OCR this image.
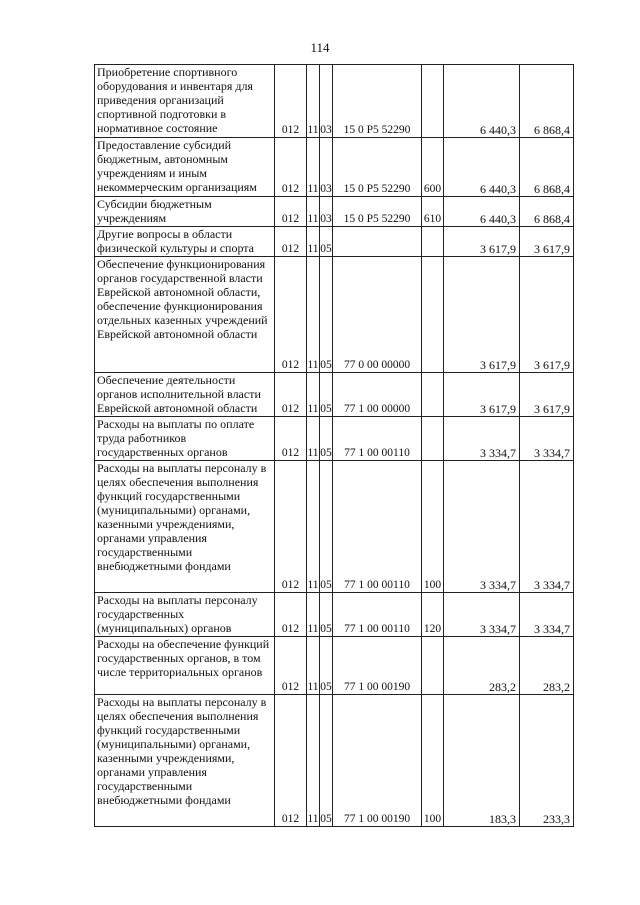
114
Приобретение спортивного оборудования и инвентаря для приведения организаций спортивной подготовки в нормативное состояние	012	11	03	15 0 Р5 52290		6 440,3	6 868,4
Предоставление субсидий бюджетным, автономным учреждениям и иным некоммерческим организациям	012	11	03	15 0 Р5 52290	600	6 440,3	6 868,4
Субсидии бюджетным учреждениям	012	11	03	15 0 Р5 52290	610	6 440,3	6 868,4
Другие вопросы в области физической культуры и спорта	012	11	05			3 617,9	3 617,9
Обеспечение функционирования органов государственной власти Еврейской автономной области, обеспечение функционирования отдельных казенных учреждений Еврейской автономной области	012	11	05	77 0 00 00000		3 617,9	3 617,9
Обеспечение деятельности органов исполнительной власти Еврейской автономной области	012	11	05	77 1 00 00000		3 617,9	3 617,9
Расходы на выплаты по оплате труда работников государственных органов	012	11	05	77 1 00 00110		3 334,7	3 334,7
Расходы на выплаты персоналу в целях обеспечения выполнения функций государственными (муниципальными) органами, казенными учреждениями, органами управления государственными внебюджетными фондами	012	11	05	77 1 00 00110	100	3 334,7	3 334,7
Расходы на выплаты персоналу государственных (муниципальных) органов	012	11	05	77 1 00 00110	120	3 334,7	3 334,7
Расходы на обеспечение функций государственных органов, в том числе территориальных органов	012	11	05	77 1 00 00190		283,2	283,2
Расходы на выплаты персоналу в целях обеспечения выполнения функций государственными (муниципальными) органами, казенными учреждениями, органами управления государственными внебюджетными фондами	012	11	05	77 1 00 00190	100	183,3	233,3
